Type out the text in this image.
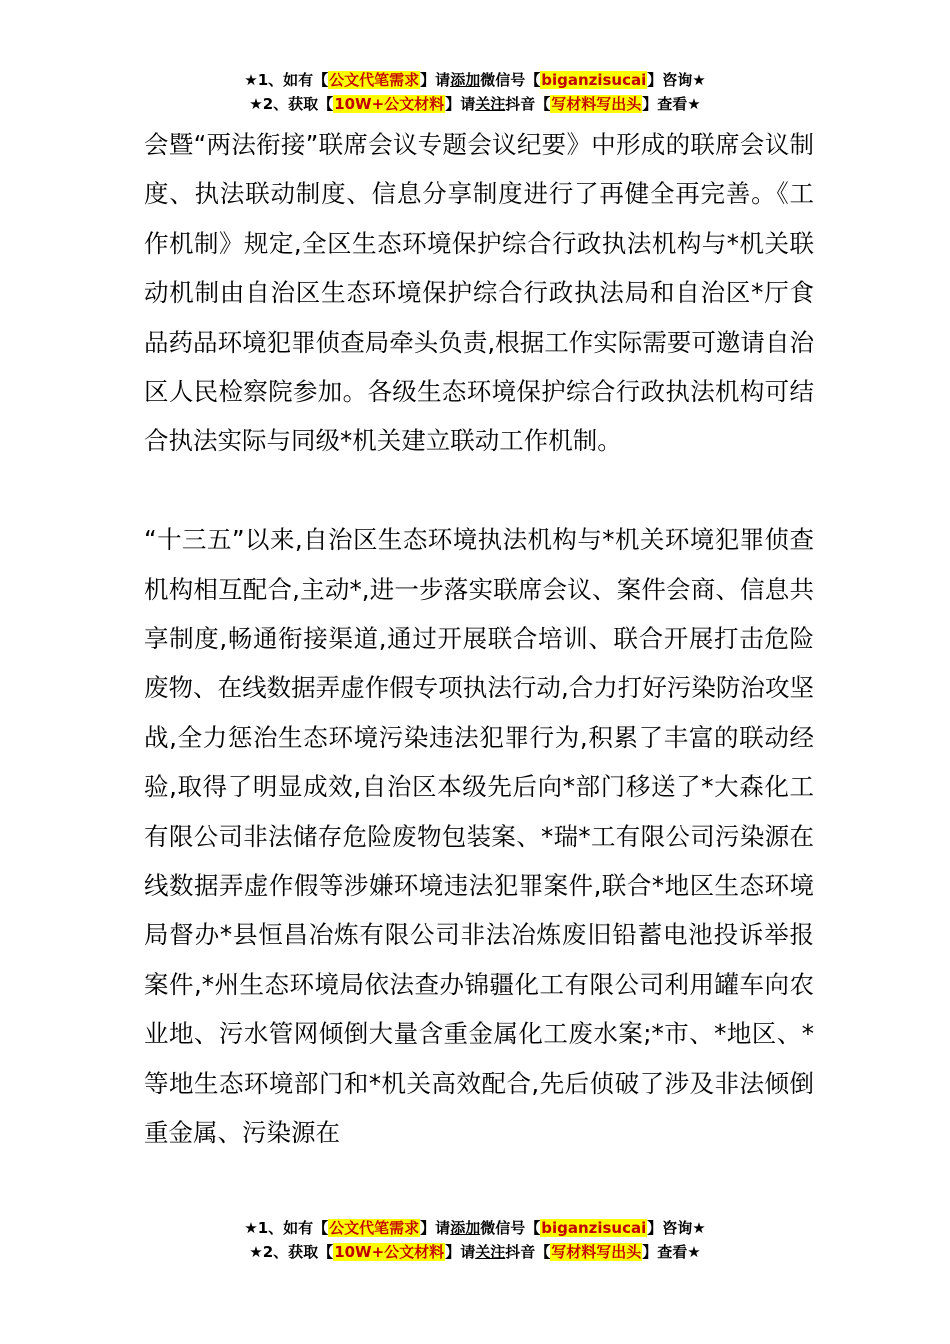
★1、如有【公文代笔需求】请添加微信号【biganzisucai】咨询★
★2、获取【10W+公文材料】请关注抖音【写材料写出头】查看★

会暨“两法衔接”联席会议专题会议纪要》中形成的联席会议制度、执法联动制度、信息分享制度进行了再健全再完善。《工作机制》规定,全区生态环境保护综合行政执法机构与*机关联动机制由自治区生态环境保护综合行政执法局和自治区*厅食品药品环境犯罪侦查局牵头负责,根据工作实际需要可邀请自治区人民检察院参加。各级生态环境保护综合行政执法机构可结合执法实际与同级*机关建立联动工作机制。

“十三五”以来,自治区生态环境执法机构与*机关环境犯罪侦查机构相互配合,主动*,进一步落实联席会议、案件会商、信息共享制度,畅通衔接渠道,通过开展联合培训、联合开展打击危险废物、在线数据弄虚作假专项执法行动,合力打好污染防治攻坚战,全力惩治生态环境污染违法犯罪行为,积累了丰富的联动经验,取得了明显成效,自治区本级先后向*部门移送了*大森化工有限公司非法储存危险废物包装案、*瑞*工有限公司污染源在线数据弄虚作假等涉嫌环境违法犯罪案件,联合*地区生态环境局督办*县恒昌冶炼有限公司非法冶炼废旧铅蓄电池投诉举报案件,*州生态环境局依法查办锦疆化工有限公司利用罐车向农业地、污水管网倾倒大量含重金属化工废水案;*市、*地区、*等地生态环境部门和*机关高效配合,先后侦破了涉及非法倾倒重金属、污染源在

★1、如有【公文代笔需求】请添加微信号【biganzisucai】咨询★
★2、获取【10W+公文材料】请关注抖音【写材料写出头】查看★
